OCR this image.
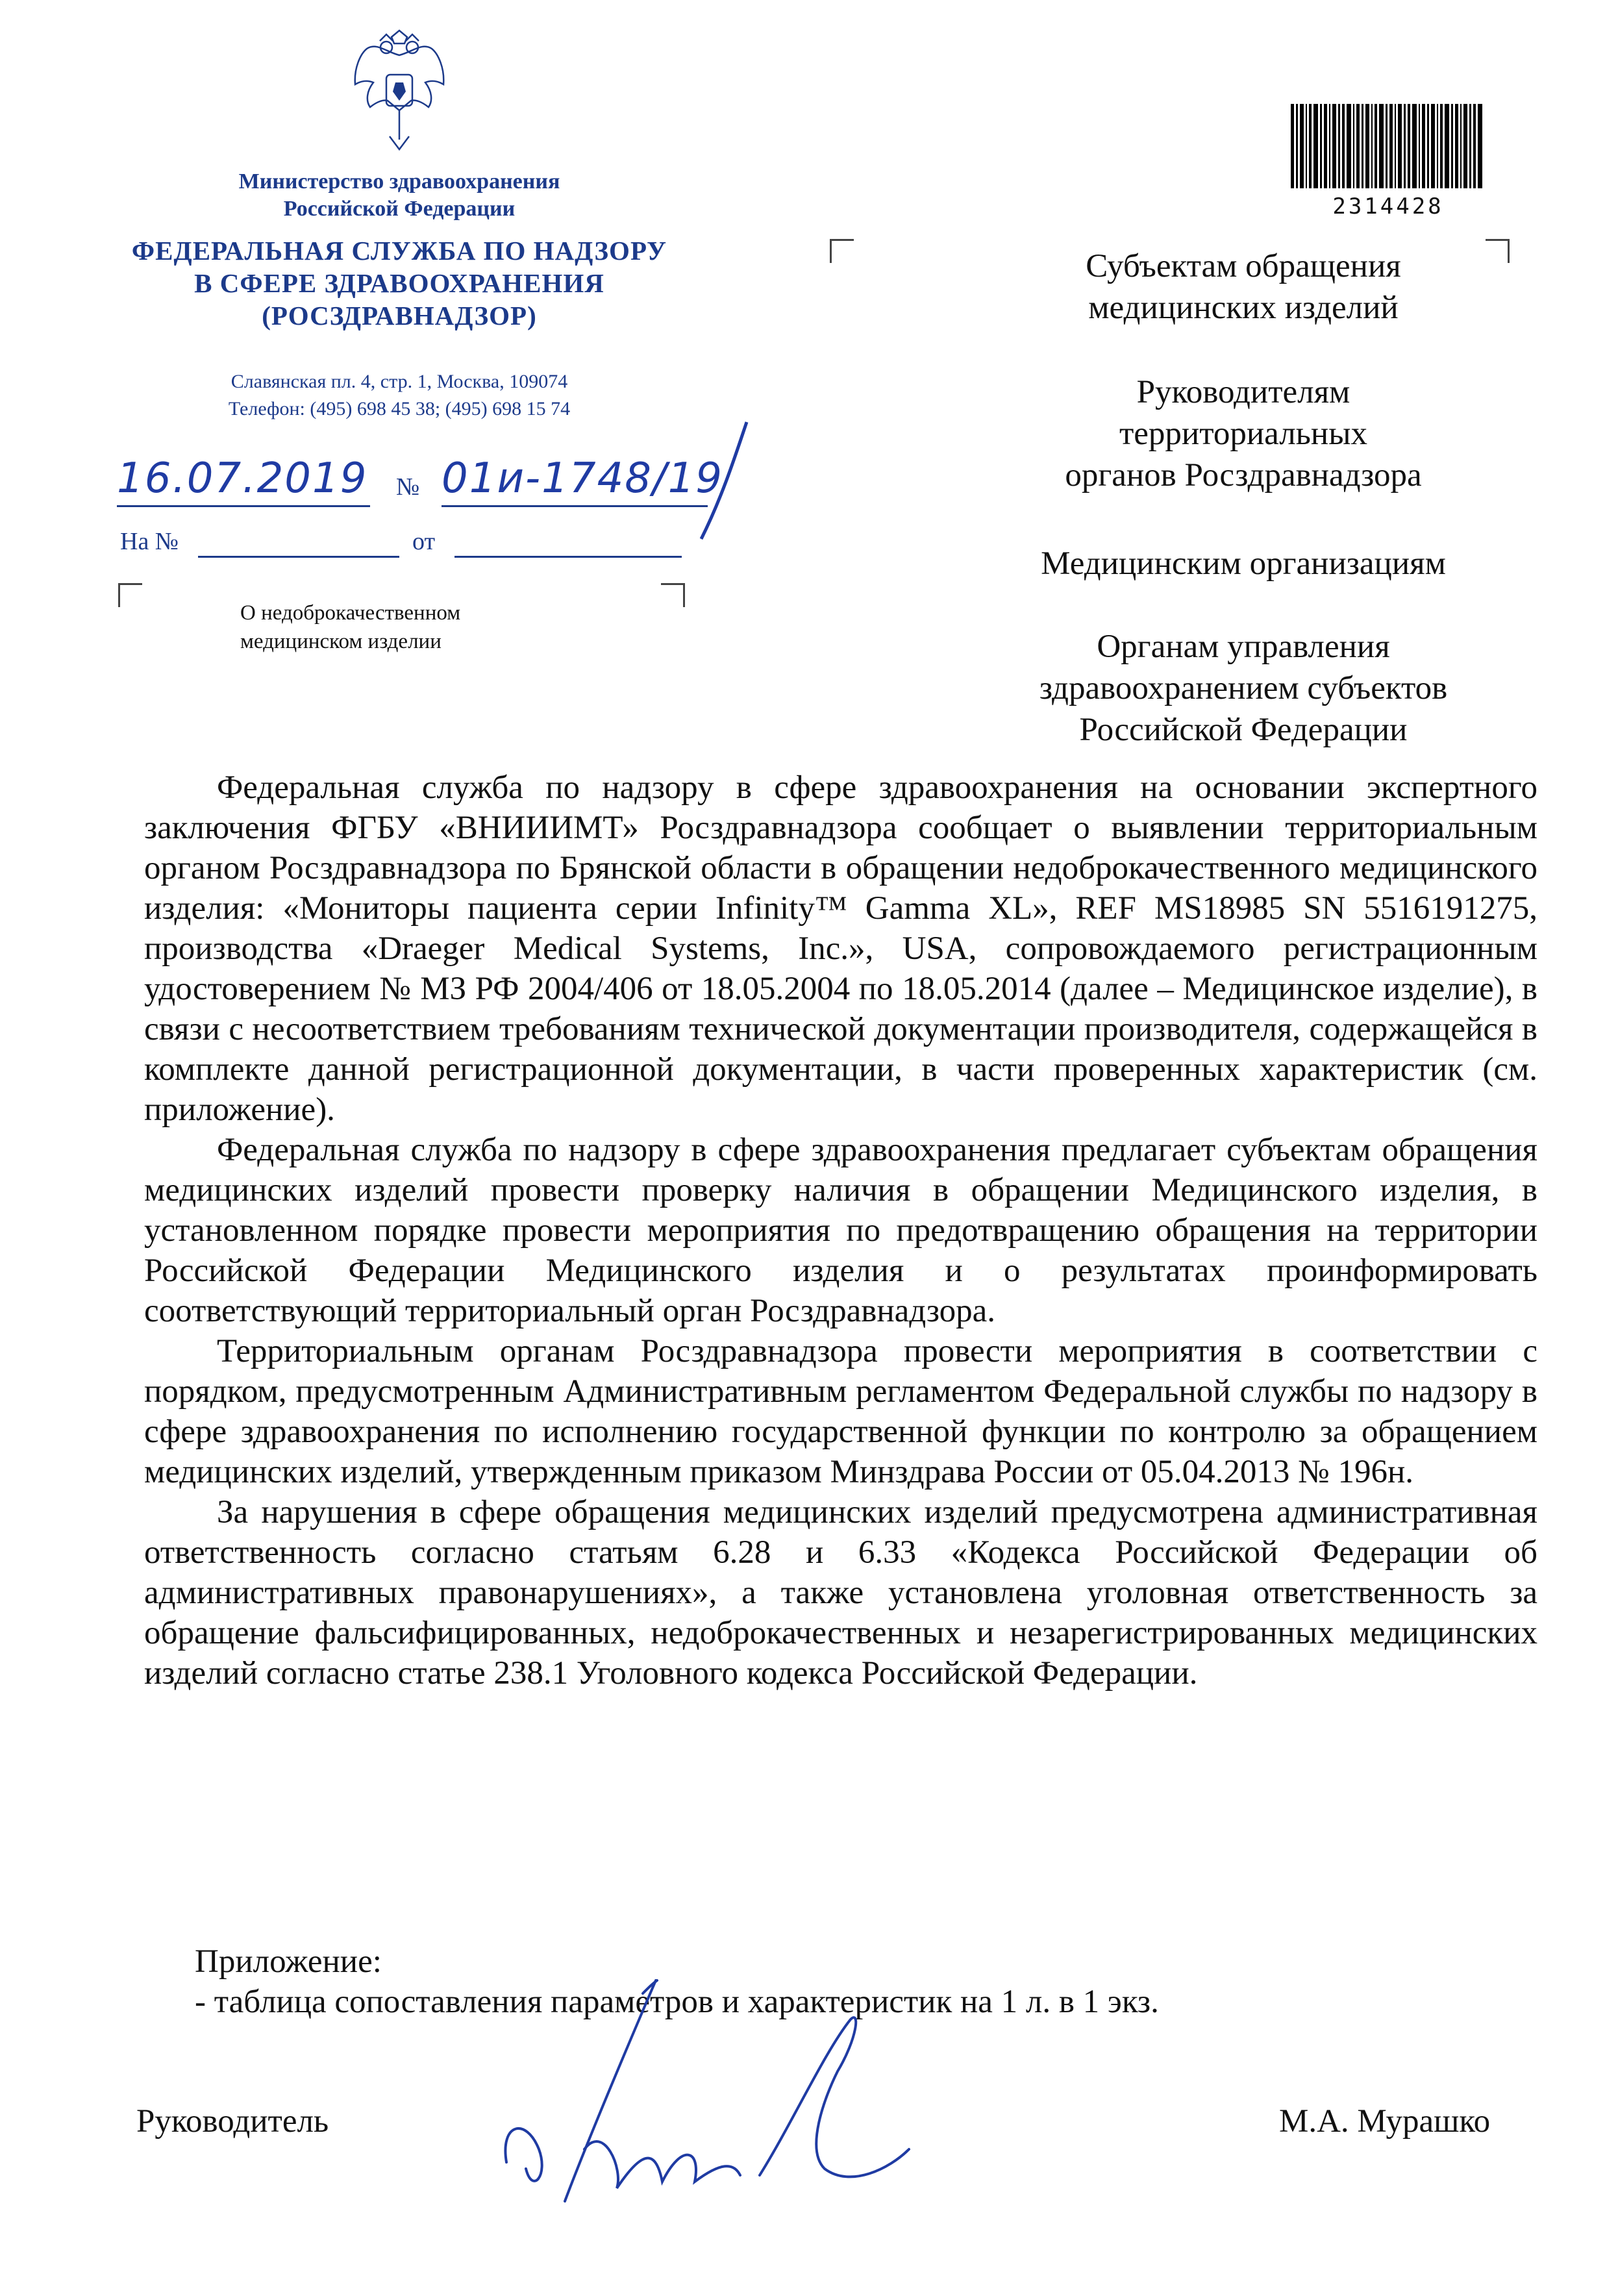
Министерство здравоохранения
Российской Федерации
ФЕДЕРАЛЬНАЯ СЛУЖБА ПО НАДЗОРУ
В СФЕРЕ ЗДРАВООХРАНЕНИЯ
(РОСЗДРАВНАДЗОР)
Славянская пл. 4, стр. 1, Москва, 109074
Телефон: (495) 698 45 38; (495) 698 15 74
16.07.2019 № 01и-1748/19
На №	от
О недоброкачественном
медицинском изделии
2314428
Субъектам обращения
медицинских изделий
Руководителям
территориальных
органов Росздравнадзора
Медицинским организациям
Органам управления
здравоохранением субъектов
Российской Федерации

Федеральная служба по надзору в сфере здравоохранения на основании экспертного заключения ФГБУ «ВНИИИМТ» Росздравнадзора сообщает о выявлении территориальным органом Росздравнадзора по Брянской области в обращении недоброкачественного медицинского изделия: «Мониторы пациента серии Infinity™ Gamma XL», REF MS18985 SN 5516191275, производства «Draeger Medical Systems, Inc.», USA, сопровождаемого регистрационным удостоверением № МЗ РФ 2004/406 от 18.05.2004 по 18.05.2014 (далее – Медицинское изделие), в связи с несоответствием требованиям технической документации производителя, содержащейся в комплекте данной регистрационной документации, в части проверенных характеристик (см. приложение).

Федеральная служба по надзору в сфере здравоохранения предлагает субъектам обращения медицинских изделий провести проверку наличия в обращении Медицинского изделия, в установленном порядке провести мероприятия по предотвращению обращения на территории Российской Федерации Медицинского изделия и о результатах проинформировать соответствующий территориальный орган Росздравнадзора.

Территориальным органам Росздравнадзора провести мероприятия в соответствии с порядком, предусмотренным Административным регламентом Федеральной службы по надзору в сфере здравоохранения по исполнению государственной функции по контролю за обращением медицинских изделий, утвержденным приказом Минздрава России от 05.04.2013 № 196н.

За нарушения в сфере обращения медицинских изделий предусмотрена административная ответственность согласно статьям 6.28 и 6.33 «Кодекса Российской Федерации об административных правонарушениях», а также установлена уголовная ответственность за обращение фальсифицированных, недоброкачественных и незарегистрированных медицинских изделий согласно статье 238.1 Уголовного кодекса Российской Федерации.

Приложение:
- таблица сопоставления параметров и характеристик на 1 л. в 1 экз.
Руководитель	М.А. Мурашко
